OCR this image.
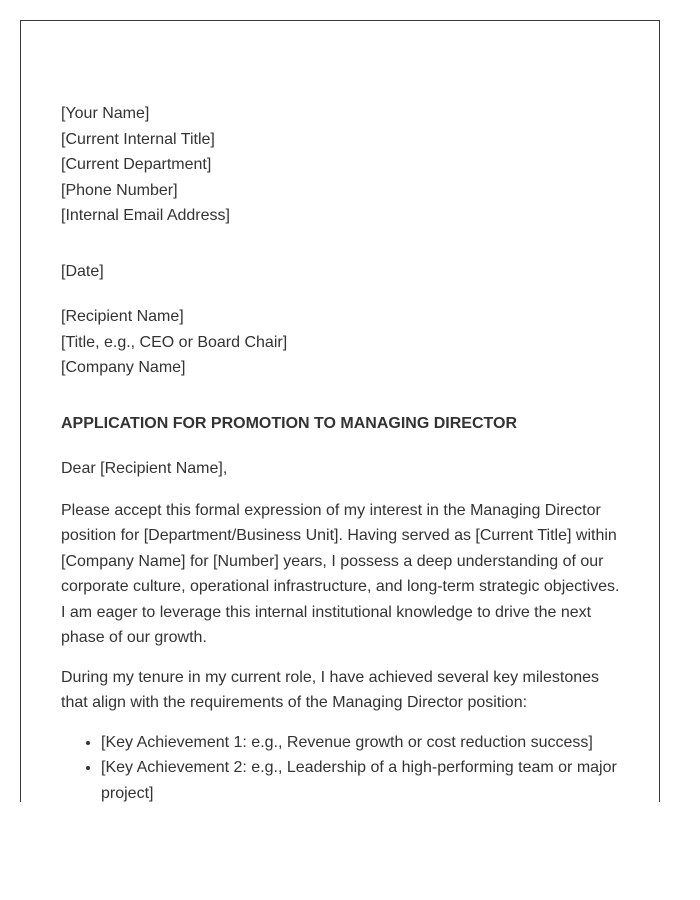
[Your Name]
[Current Internal Title]
[Current Department]
[Phone Number]
[Internal Email Address]
[Date]
[Recipient Name]
[Title, e.g., CEO or Board Chair]
[Company Name]

APPLICATION FOR PROMOTION TO MANAGING DIRECTOR

Dear [Recipient Name],

Please accept this formal expression of my interest in the Managing Director position for [Department/Business Unit]. Having served as [Current Title] within [Company Name] for [Number] years, I possess a deep understanding of our corporate culture, operational infrastructure, and long-term strategic objectives. I am eager to leverage this internal institutional knowledge to drive the next phase of our growth.

During my tenure in my current role, I have achieved several key milestones that align with the requirements of the Managing Director position:

• [Key Achievement 1: e.g., Revenue growth or cost reduction success]
• [Key Achievement 2: e.g., Leadership of a high-performing team or major project]
